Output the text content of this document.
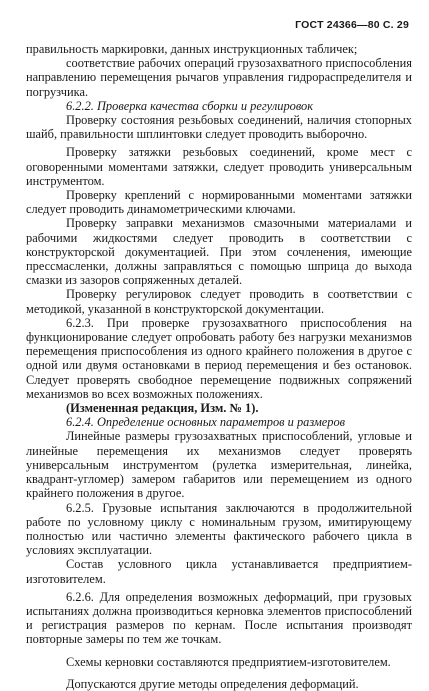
ГОСТ 24366—80 С. 29

правильность маркировки, данных инструкционных табличек;

соответствие рабочих операций грузозахватного приспособления направлению перемещения рычагов управления гидрораспределителя и погрузчика.

6.2.2. Проверка качества сборки и регулировок

Проверку состояния резьбовых соединений, наличия стопорных шайб, правильности шплинтовки следует проводить выборочно.

Проверку затяжки резьбовых соединений, кроме мест с оговоренными моментами затяжки, следует проводить универсальным инструментом.

Проверку креплений с нормированными моментами затяжки следует проводить динамометрическими ключами.

Проверку заправки механизмов смазочными материалами и рабочими жидкостями следует проводить в соответствии с конструкторской документацией. При этом сочленения, имеющие прессмасленки, должны заправляться с помощью шприца до выхода смазки из зазоров сопряженных деталей.

Проверку регулировок следует проводить в соответствии с методикой, указанной в конструкторской документации.

6.2.3. При проверке грузозахватного приспособления на функционирование следует опробовать работу без нагрузки механизмов перемещения приспособления из одного крайнего положения в другое с одной или двумя остановками в период перемещения и без остановок. Следует проверять свободное перемещение подвижных сопряжений механизмов во всех возможных положениях.

(Измененная редакция, Изм. № 1).

6.2.4. Определение основных параметров и размеров

Линейные размеры грузозахватных приспособлений, угловые и линейные перемещения их механизмов следует проверять универсальным инструментом (рулетка измерительная, линейка, квадрант-угломер) замером габаритов или перемещением из одного крайнего положения в другое.

6.2.5. Грузовые испытания заключаются в продолжительной работе по условному циклу с номинальным грузом, имитирующему полностью или частично элементы фактического рабочего цикла в условиях эксплуатации.

Состав условного цикла устанавливается предприятием-изготовителем.

6.2.6. Для определения возможных деформаций, при грузовых испытаниях должна производиться керновка элементов приспособлений и регистрация размеров по кернам. После испытания производят повторные замеры по тем же точкам.

Схемы керновки составляются предприятием-изготовителем.

Допускаются другие методы определения деформаций.
